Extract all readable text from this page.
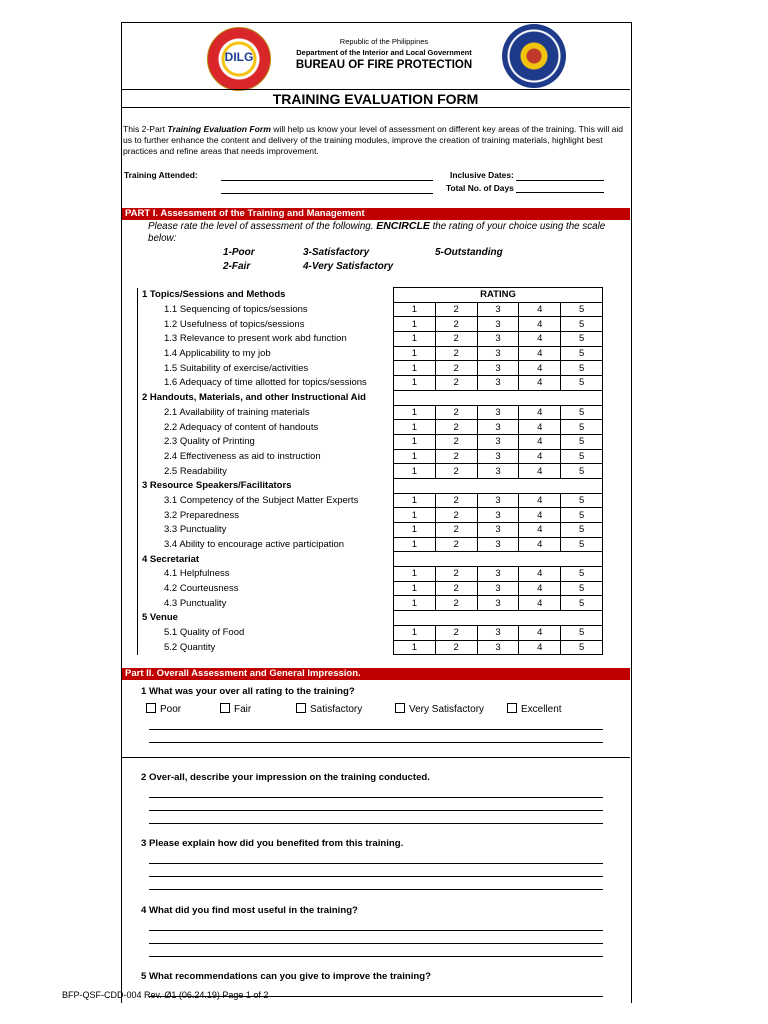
DILG
Republic of the Philippines
Department of the Interior and Local Government
BUREAU OF FIRE PROTECTION
TRAINING EVALUATION FORM
This 2-Part Training Evaluation Form will help us know your level of assessment on different key areas of the training. This will aid us to further enhance the content and delivery of the training modules, improve the creation of training materials, highlight best practices and refine areas that needs improvement.
Training Attended:	Inclusive Dates:
Total No. of Days
PART I. Assessment of the Training and Management
Please rate the level of assessment of the following. ENCIRCLE the rating of your choice using the scale below:
1-Poor
2-Fair
3-Satisfactory
4-Very Satisfactory
5-Outstanding
1 Topics/Sessions and Methods	RATING				
1.1 Sequencing of topics/sessions	1	2	3	4	5
1.2 Usefulness of topics/sessions	1	2	3	4	5
1.3 Relevance to present work abd function	1	2	3	4	5
1.4 Applicability to my job	1	2	3	4	5
1.5 Suitability of exercise/activities	1	2	3	4	5
1.6 Adequacy of time allotted for topics/sessions	1	2	3	4	5
2 Handouts, Materials, and other Instructional Aid					
2.1 Availability of training materials	1	2	3	4	5
2.2 Adequacy of content of handouts	1	2	3	4	5
2.3 Quality of Printing	1	2	3	4	5
2.4 Effectiveness as aid to instruction	1	2	3	4	5
2.5 Readability	1	2	3	4	5
3 Resource Speakers/Facilitators					
3.1 Competency of the Subject Matter Experts	1	2	3	4	5
3.2 Preparedness	1	2	3	4	5
3.3 Punctuality	1	2	3	4	5
3.4 Ability to encourage active participation	1	2	3	4	5
4 Secretariat					
4.1 Helpfulness	1	2	3	4	5
4.2 Courteusness	1	2	3	4	5
4.3 Punctuality	1	2	3	4	5
5 Venue					
5.1 Quality of Food	1	2	3	4	5
5.2 Quantity	1	2	3	4	5
Part II. Overall Assessment and General Impression.
1 What was your over all rating to the training?
Poor	Fair	Satisfactory	Very Satisfactory	Excellent
2 Over-all, describe your impression on the training conducted.
3 Please explain how did you benefited from this training.
4 What did you find most useful in the training?
5 What recommendations can you give to improve the training?
BFP-QSF-CDD-004 Rev. Ø1 (06.24.19) Page 1 of 2
